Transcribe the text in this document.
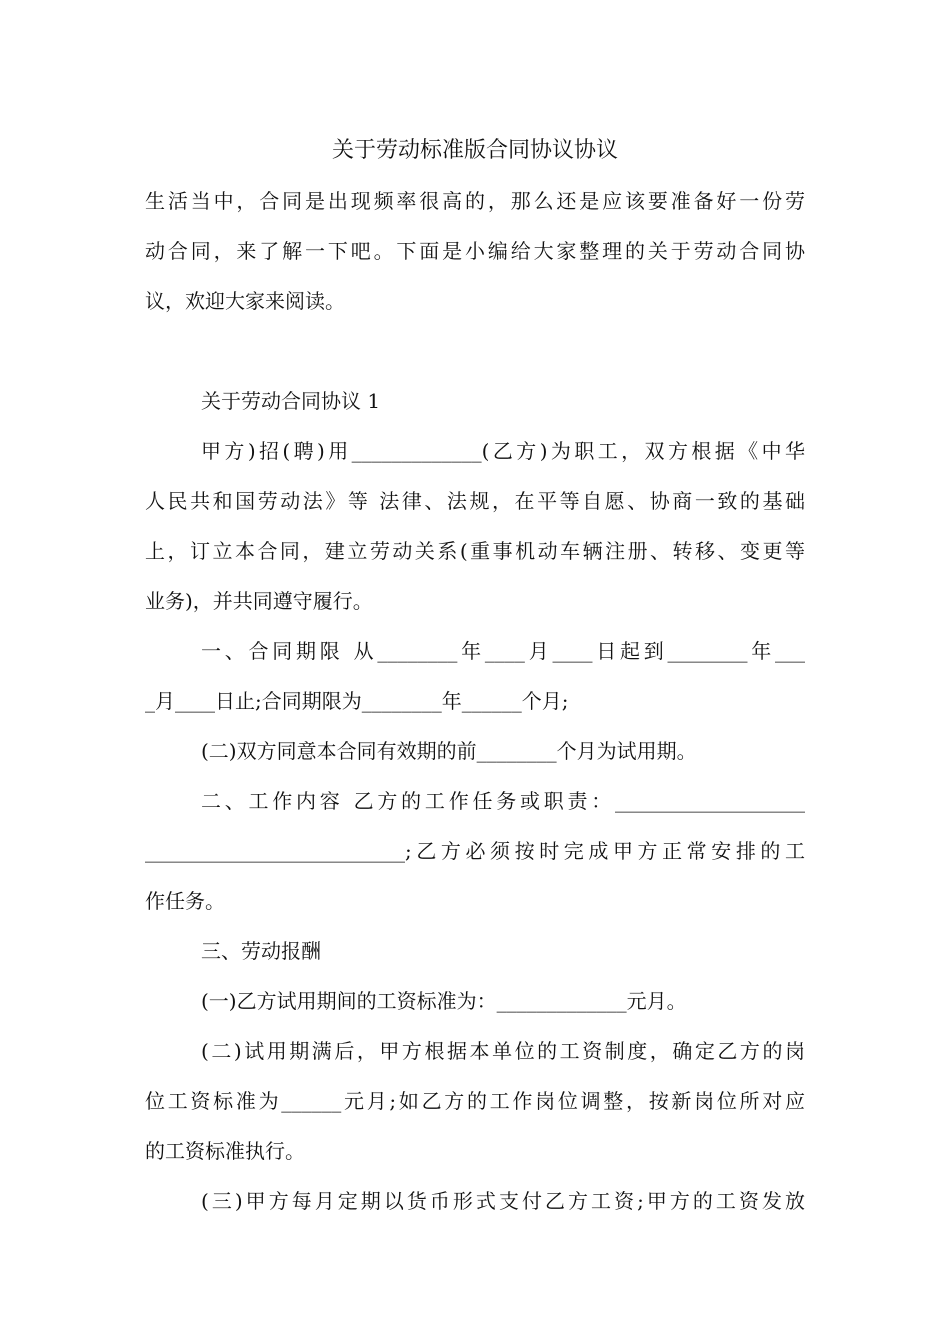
关于劳动标准版合同协议协议
生活当中，合同是出现频率很高的，那么还是应该要准备好一份劳
动合同，来了解一下吧。下面是小编给大家整理的关于劳动合同协
议，欢迎大家来阅读。
关于劳动合同协议 1
甲方)招(聘)用_____________(乙方)为职工，双方根据《中华
人民共和国劳动法》等 法律、法规，在平等自愿、协商一致的基础
上，订立本合同，建立劳动关系(重事机动车辆注册、转移、变更等
业务)，并共同遵守履行。
一、合同期限 从________年____月____日起到________年___
_月____日止;合同期限为________年______个月;
(二)双方同意本合同有效期的前________个月为试用期。
二、工作内容 乙方的工作任务或职责：___________________
__________________________;乙方必须按时完成甲方正常安排的工
作任务。
三、劳动报酬
(一)乙方试用期间的工资标准为：_____________元月。
(二)试用期满后，甲方根据本单位的工资制度，确定乙方的岗
位工资标准为______元月;如乙方的工作岗位调整，按新岗位所对应
的工资标准执行。
(三)甲方每月定期以货币形式支付乙方工资;甲方的工资发放
